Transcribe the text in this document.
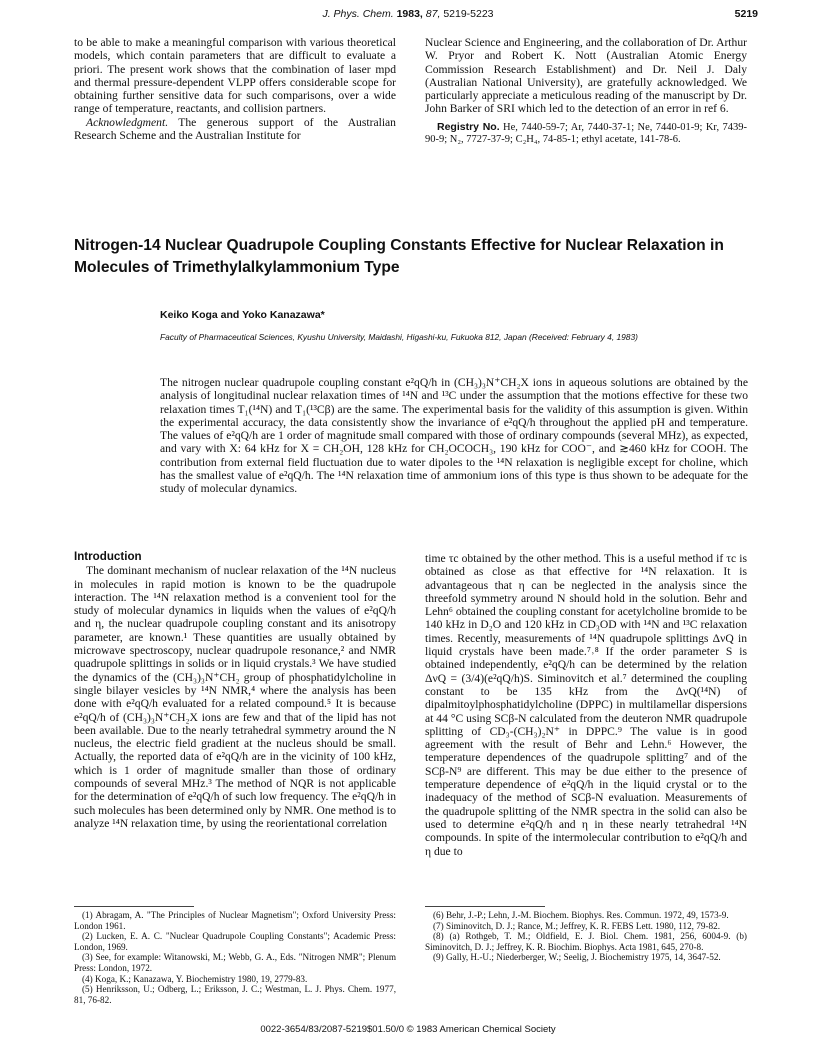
J. Phys. Chem. 1983, 87, 5219-5223	5219

to be able to make a meaningful comparison with various theoretical models, which contain parameters that are difficult to evaluate a priori. The present work shows that the combination of laser mpd and thermal pressure-dependent VLPP offers considerable scope for obtaining further sensitive data for such comparisons, over a wide range of temperature, reactants, and collision partners.

Acknowledgment. The generous support of the Australian Research Scheme and the Australian Institute for

Nuclear Science and Engineering, and the collaboration of Dr. Arthur W. Pryor and Robert K. Nott (Australian Atomic Energy Commission Research Establishment) and Dr. Neil J. Daly (Australian National University), are gratefully acknowledged. We particularly appreciate a meticulous reading of the manuscript by Dr. John Barker of SRI which led to the detection of an error in ref 6.

Registry No. He, 7440-59-7; Ar, 7440-37-1; Ne, 7440-01-9; Kr, 7439-90-9; N₂, 7727-37-9; C₂H₄, 74-85-1; ethyl acetate, 141-78-6.

Nitrogen-14 Nuclear Quadrupole Coupling Constants Effective for Nuclear Relaxation in Molecules of Trimethylalkylammonium Type
Keiko Koga and Yoko Kanazawa*
Faculty of Pharmaceutical Sciences, Kyushu University, Maidashi, Higashi-ku, Fukuoka 812, Japan (Received: February 4, 1983)
The nitrogen nuclear quadrupole coupling constant e²qQ/h in (CH₃)₃N⁺CH₂X ions in aqueous solutions are obtained by the analysis of longitudinal nuclear relaxation times of ¹⁴N and ¹³C under the assumption that the motions effective for these two relaxation times T₁(¹⁴N) and T₁(¹³Cβ) are the same. The experimental basis for the validity of this assumption is given. Within the experimental accuracy, the data consistently show the invariance of e²qQ/h throughout the applied pH and temperature. The values of e²qQ/h are 1 order of magnitude small compared with those of ordinary compounds (several MHz), as expected, and vary with X: 64 kHz for X = CH₂OH, 128 kHz for CH₂OCOCH₃, 190 kHz for COO⁻, and ≳460 kHz for COOH. The contribution from external field fluctuation due to water dipoles to the ¹⁴N relaxation is negligible except for choline, which has the smallest value of e²qQ/h. The ¹⁴N relaxation time of ammonium ions of this type is thus shown to be adequate for the study of molecular dynamics.

Introduction

The dominant mechanism of nuclear relaxation of the ¹⁴N nucleus in molecules in rapid motion is known to be the quadrupole interaction. The ¹⁴N relaxation method is a convenient tool for the study of molecular dynamics in liquids when the values of e²qQ/h and η, the nuclear quadrupole coupling constant and its anisotropy parameter, are known.¹ These quantities are usually obtained by microwave spectroscopy, nuclear quadrupole resonance,² and NMR quadrupole splittings in solids or in liquid crystals.³ We have studied the dynamics of the (CH₃)₃N⁺CH₂ group of phosphatidylcholine in single bilayer vesicles by ¹⁴N NMR,⁴ where the analysis has been done with e²qQ/h evaluated for a related compound.⁵ It is because e²qQ/h of (CH₃)₃N⁺CH₂X ions are few and that of the lipid has not been available. Due to the nearly tetrahedral symmetry around the N nucleus, the electric field gradient at the nucleus should be small. Actually, the reported data of e²qQ/h are in the vicinity of 100 kHz, which is 1 order of magnitude smaller than those of ordinary compounds of several MHz.³ The method of NQR is not applicable for the determination of e²qQ/h of such low frequency. The e²qQ/h in such molecules has been determined only by NMR. One method is to analyze ¹⁴N relaxation time, by using the reorientational correlation

time τc obtained by the other method. This is a useful method if τc is obtained as close as that effective for ¹⁴N relaxation. It is advantageous that η can be neglected in the analysis since the threefold symmetry around N should hold in the solution. Behr and Lehn⁶ obtained the coupling constant for acetylcholine bromide to be 140 kHz in D₂O and 120 kHz in CD₃OD with ¹⁴N and ¹³C relaxation times. Recently, measurements of ¹⁴N quadrupole splittings ΔνQ in liquid crystals have been made.⁷˒⁸ If the order parameter S is obtained independently, e²qQ/h can be determined by the relation ΔνQ = (3/4)(e²qQ/h)S. Siminovitch et al.⁷ determined the coupling constant to be 135 kHz from the ΔνQ(¹⁴N) of dipalmitoylphosphatidylcholine (DPPC) in multilamellar dispersions at 44 °C using SCβ-N calculated from the deuteron NMR quadrupole splitting of CD₃-(CH₃)₂N⁺ in DPPC.⁹ The value is in good agreement with the result of Behr and Lehn.⁶ However, the temperature dependences of the quadrupole splitting⁷ and of the SCβ-N⁹ are different. This may be due either to the presence of temperature dependence of e²qQ/h in the liquid crystal or to the inadequacy of the method of SCβ-N evaluation. Measurements of the quadrupole splitting of the NMR spectra in the solid can also be used to determine e²qQ/h and η in these nearly tetrahedral ¹⁴N compounds. In spite of the intermolecular contribution to e²qQ/h and η due to

(1) Abragam, A. "The Principles of Nuclear Magnetism"; Oxford University Press: London 1961.

(2) Lucken, E. A. C. "Nuclear Quadrupole Coupling Constants"; Academic Press: London, 1969.

(3) See, for example: Witanowski, M.; Webb, G. A., Eds. "Nitrogen NMR"; Plenum Press: London, 1972.

(4) Koga, K.; Kanazawa, Y. Biochemistry 1980, 19, 2779-83.

(5) Henriksson, U.; Odberg, L.; Eriksson, J. C.; Westman, L. J. Phys. Chem. 1977, 81, 76-82.

(6) Behr, J.-P.; Lehn, J.-M. Biochem. Biophys. Res. Commun. 1972, 49, 1573-9.

(7) Siminovitch, D. J.; Rance, M.; Jeffrey, K. R. FEBS Lett. 1980, 112, 79-82.

(8) (a) Rothgeb, T. M.; Oldfield, E. J. Biol. Chem. 1981, 256, 6004-9. (b) Siminovitch, D. J.; Jeffrey, K. R. Biochim. Biophys. Acta 1981, 645, 270-8.

(9) Gally, H.-U.; Niederberger, W.; Seelig, J. Biochemistry 1975, 14, 3647-52.

0022-3654/83/2087-5219$01.50/0 © 1983 American Chemical Society
